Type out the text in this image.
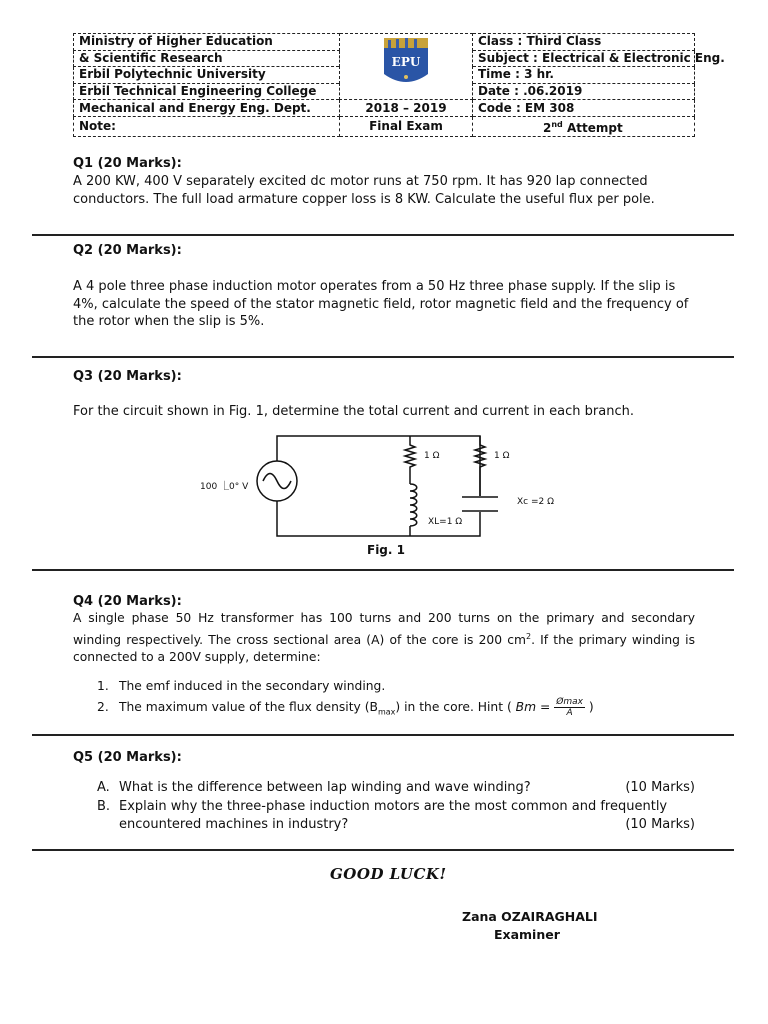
Ministry of Higher Education	EPU	Class : Third Class
& Scientific Research		Subject : Electrical & Electronic Eng.
Erbil Polytechnic University		Time : 3 hr.
Erbil Technical Engineering College		Date : .06.2019
Mechanical and Energy Eng. Dept.	2018 – 2019	Code : EM 308
Note:	Final Exam	2nd Attempt
Q1 (20 Marks):
A 200 KW, 400 V separately excited dc motor runs at 750 rpm. It has 920 lap connected conductors. The full load armature copper loss is 8 KW. Calculate the useful flux per pole.
Q2 (20 Marks):
A 4 pole three phase induction motor operates from a 50 Hz three phase supply. If the slip is 4%, calculate the speed of the stator magnetic field, rotor magnetic field and the frequency of the rotor when the slip is 5%.
Q3 (20 Marks):
For the circuit shown in Fig. 1, determine the total current and current in each branch.
100 ⎿0° V
1 Ω	1 Ω
Xc =2 Ω
XL=1 Ω
Fig. 1
Q4 (20 Marks):
A single phase 50 Hz transformer has 100 turns and 200 turns on the primary and secondary winding respectively. The cross sectional area (A) of the core is 200 $cm^2$. If the primary winding is connected to a 200V supply, determine:
1. The emf induced in the secondary winding.
2. The maximum value of the flux density $(B_{max})$ in the core. Hint ( Bm = Ømax
A	)
Q5 (20 Marks):
A. What is the difference between lap winding and wave winding?	(10 Marks)
B. Explain why the three-phase induction motors are the most common and frequently
encountered machines in industry?	(10 Marks)
GOOD LUCK!
Zana OZAIRAGHALI
Examiner
